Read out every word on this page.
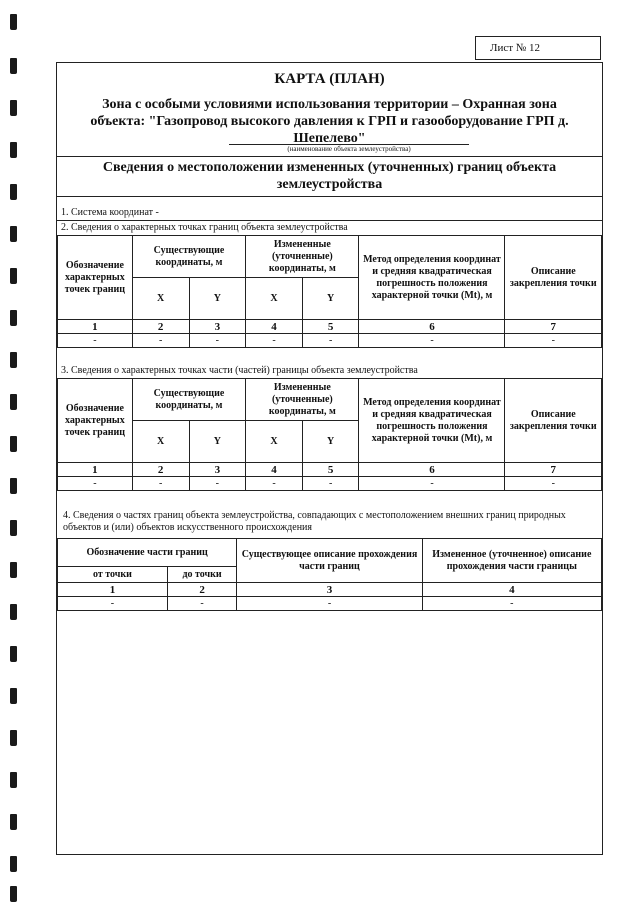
Лист № 12
КАРТА (ПЛАН)
Зона с особыми условиями использования территории – Охранная зона объекта: "Газопровод высокого давления к ГРП и газооборудование ГРП д. Шепелево"
(наименование объекта землеустройства)
Сведения о местоположении измененных (уточненных) границ объекта землеустройства
1. Система координат -
2. Сведения о характерных точках границ объекта землеустройства
Обозначение характерных точек границ	Существующие координаты, м		Измененные (уточненные) координаты, м		Метод определения координат и средняя квадратическая погрешность положения характерной точки (Mt), м	Описание закрепления точки
	X	Y	X	Y		
1	2	3	4	5	6	7
-	-	-	-	-	-	-
3. Сведения о характерных точках части (частей) границы объекта землеустройства
Обозначение характерных точек границ	Существующие координаты, м		Измененные (уточненные) координаты, м		Метод определения координат и средняя квадратическая погрешность положения характерной точки (Mt), м	Описание закрепления точки
	X	Y	X	Y		
1	2	3	4	5	6	7
-	-	-	-	-	-	-
4. Сведения о частях границ объекта землеустройства, совпадающих с местоположением внешних границ природных объектов и (или) объектов искусственного происхождения
Обозначение части границ		Существующее описание прохождения части границ	Измененное (уточненное) описание прохождения части границы
от точки	до точки		
1	2	3	4
-	-	-	-
